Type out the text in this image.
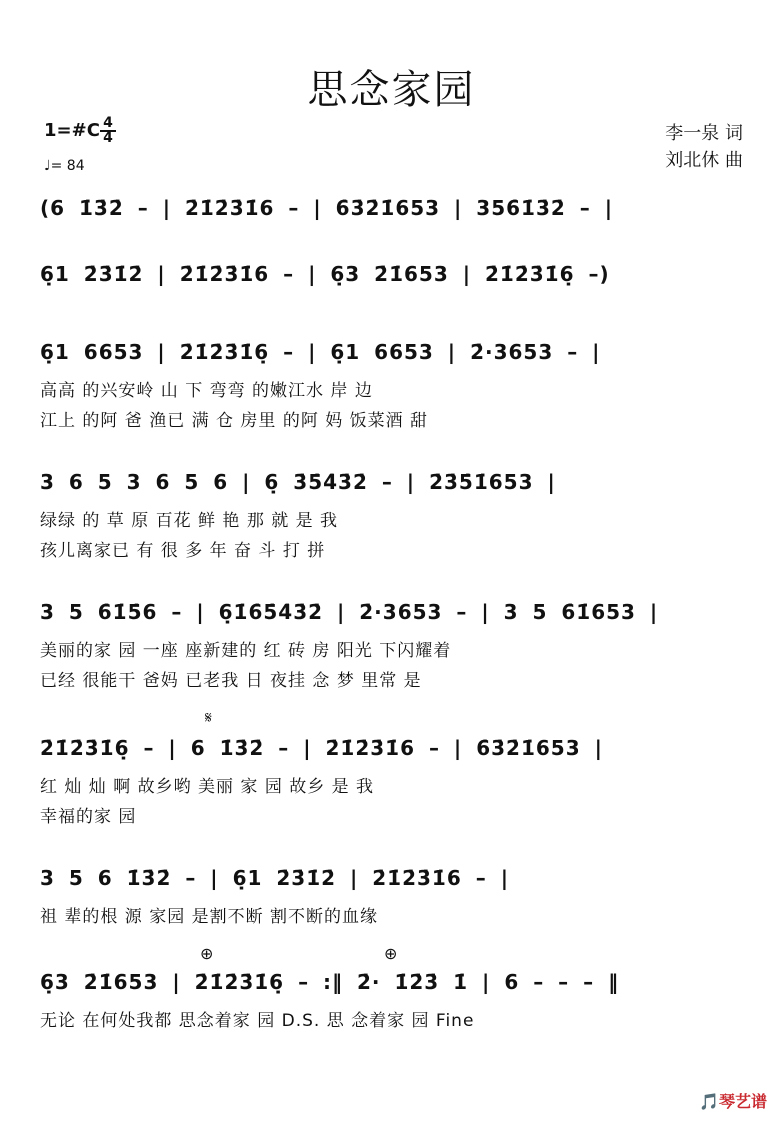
思念家园
1=#C 4
4
♩= 84
李一泉 词
刘北休 曲
(6 1̇3̇2̇ – | 2̇1̇2̇3̇1̇6 – | 6̇3̇2̇1̇653 | 356̇1̇3̇2̇ – |
6̣1 2̇3̇1̇2̇ | 2̇1̇2̇3̇1̇6 – | 6̣3 2̇1̇653 | 2̇1̇2̇3̇1̇6̣ –)
6̣1 6653 | 2̇1̇2̇3̇1̇6̣ – | 6̣1 6653 | 2̇·3653 – |
高高 的兴安岭 山 下 弯弯 的嫩江水 岸 边
江上 的阿 爸 渔已 满 仓 房里 的阿 妈 饭菜酒 甜
3 6 5 3 6 5 6 | 6̣ 3̇5̇4̇3̇2̇ – | 2̇3̇5̇1̇653 |
绿绿 的 草 原 百花 鲜 艳 那 就 是 我
孩儿离家已 有 很 多 年 奋 斗 打 拼
3 5 6̇1̇5̇6 – | 6̣1̇6̇5̇4̇3̇2̇ | 2̇·3653 – | 3 5 6̇1̇653 |
美丽的家 园 一座 座新建的 红 砖 房 阳光 下闪耀着
已经 很能干 爸妈 已老我 日 夜挂 念 梦 里常 是
𝄋
2̇1̇2̇3̇1̇6̣ – | 6 1̇3̇2̇ – | 2̇1̇2̇3̇1̇6 – | 6̇3̇2̇1̇653 |
红 灿 灿 啊 故乡哟 美丽 家 园 故乡 是 我
幸福的家 园
3 5 6 1̇3̇2̇ – | 6̣1 2̇3̇1̇2̇ | 2̇1̇2̇3̇1̇6 – |
祖 辈的根 源 家园 是割不断 割不断的血缘
⊕	⊕
6̣3 2̇1̇653 | 2̇1̇2̇3̇1̇6̣ – :‖ 2̇· 1̇2̇3̇ 1̇ | 6 – – – ‖
无论 在何处我都 思念着家 园 D.S. 思 念着家 园 Fine
🎵琴艺谱
